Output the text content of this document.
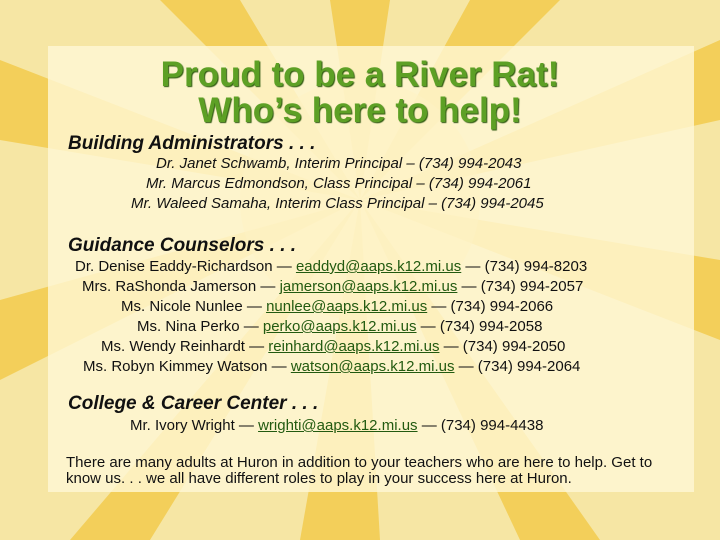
Proud to be a River Rat!
Who’s here to help!
Building Administrators . . .
Dr. Janet Schwamb, Interim Principal – (734) 994-2043
Mr. Marcus Edmondson, Class Principal – (734) 994-2061
Mr. Waleed Samaha, Interim Class Principal – (734) 994-2045
Guidance Counselors . . .
Dr. Denise Eaddy-Richardson — eaddyd@aaps.k12.mi.us — (734) 994-8203
Mrs. RaShonda Jamerson — jamerson@aaps.k12.mi.us — (734) 994-2057
Ms. Nicole Nunlee — nunlee@aaps.k12.mi.us — (734) 994-2066
Ms. Nina Perko — perko@aaps.k12.mi.us — (734) 994-2058
Ms. Wendy Reinhardt — reinhard@aaps.k12.mi.us — (734) 994-2050
Ms. Robyn Kimmey Watson — watson@aaps.k12.mi.us — (734) 994-2064
College & Career Center . . .
Mr. Ivory Wright — wrighti@aaps.k12.mi.us — (734) 994-4438
There are many adults at Huron in addition to your teachers who are here to help. Get to know us. . . we all have different roles to play in your success here at Huron.
